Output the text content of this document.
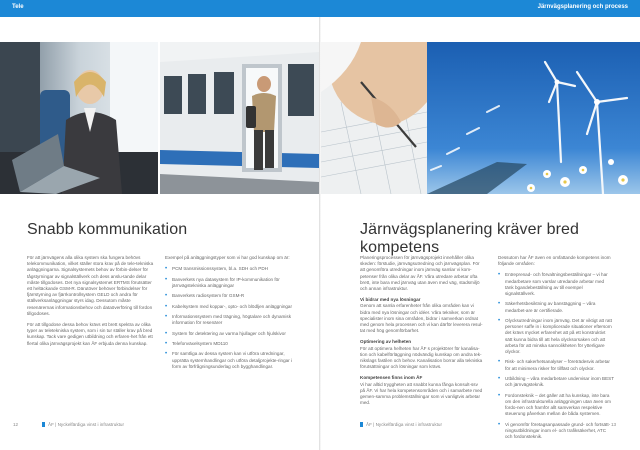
Tele	Järnvägsplanering och process
Snabb kommunikation

För att järnvägens alla olika system ska fungera behövs telekommunikation, vilket ställer stora krav på de tele-tekniska anläggningarna. Signalsystemets behov av förbin-delser för tågstyrningar av signalställverk och dess anslu-tande delar måste tillgodoses. Det nya signalsystemet ERTMS förutsätter ett heltäckande GSM-R. Därutöver behöver förbindelser för fjärrstyrning av fjärrkontrollsystem GELD och andra för ställverksanläggningar styrs idag. Dessutom måste resenärernas informationsbehov och dataöverföring till fordon tillgodoses.

För att tillgodose dessa behov krävs ett brett spektra av olika typer av teletekniska system, som i sin tur ställer krav på bred kunskap. Tack vare gedigen utbildning och erfaren-het från ett flertal olika järnvägsprojekt kan ÅF erbjuda denna kunskap.

Exempel på anläggningstyper som vi har god kunskap om är:

• PCM transmissionssystem, bl.a. SDH och PDH
• Banverkets nya datasystem för IP-kommunikation för järnvägstekniska anläggningar
• Banverkets radiosystem för GSM-R
• Kabelsystem med koppar-, opto- och blödljen anläggningar
• Informationssystem med trägning, högtalare och dynamisk information för resenärer
• System för detektering av varma hjullager och hjulskivor
• Telefonväxelsystem MD110
• För samtliga av dessa system kan vi utföra utredningar, upprätta systemhandlingar och utföra detaljprojekte-ringar i form av förfrågningsunderlag och bygghandlingar.
Järnvägsplanering kräver bred kompetens

Planeringsprocessen för järnvägsprojekt innehåller olika skeden: förstudie, järnvägsutredning och järnvägsplan. För att genomföra utredningar inom järnväg samlar vi kom-petenser från olika delar av ÅF. Våra utredare arbetar ofta brett, inte bara med järnväg utan även med väg, stadsmiljö och annan infrastruktur.

Vi bidrar med nya lösningar

Genom att samla erfarenheter från olika områden kan vi bidra med nya lösningar och idéer. Våra tekniker, som är specialister inom sina områden, bidrar i samverkan ordnat med genom hela processen och vi kan därför leverera resul-tat med hög genomförbarhet.

Optimering av helheten

För att optimera helheten har ÅF s projektörer för kanalisa-tion och kabelförläggning nödvändig kunskap om andra tek-nikslags fastilen och behov. Kanalisation borrar alla tekniska förutsättningar och lösningar som krävs.

Kompetensen finns inom ÅF

Vi har alltid tryggheten att snabbt kunna fånga konsult-ssv på ÅF. Vi har hela kompetensområden och i samarbete med gemen-samma problemställningar som vi vanligtvis arbetar med.

Dessutom har ÅF även en omfattande kompetens inom följande områden:

• Entreprenad- och förvaltningsbeställningar – vi har medarbetare som varslar utredande arbetar med tänk bgandebeställning av till exempel signalställverk.
• Säkerhetsbesiktning av banstäggning – våra medarbet-are är certifierade.
• Olycksutredningar inom järnväg. Det är viktigt att ratt personer saffe in i komplicerade situationer eftersom det krävs mycket erfarenhet att på ett konstruktivt sätt kunna bidra till att hela olycksorsaken och att arbeta för att minska sannolikheten för ytterligare olyckor.
• Risk- och sakerhetsanalyser – företrädesvis arbetar för att minimera risker för tillfäst och olyckor.
• Utbildning – våra medarbetare undervisar inom BEST och järnvägsteknik.
• Fordonsteknik – det gäller att ha kunskap, inte bara om den infrastrukturella anläggningen utan även om fordo-nen och framför allt samverkan respektive steuerung påverkan mellan de båda systemen.
• Vi genomför företagsanpassade grund- och fortsätt-ningsutbildningar inom el- och trafiksäkerhet, ATC och fordonsteknik.
12	ÅF | Nyckelfärdiga vinst i infrastruktur	ÅF | Nyckelfärdiga vinst i infrastruktur	13
